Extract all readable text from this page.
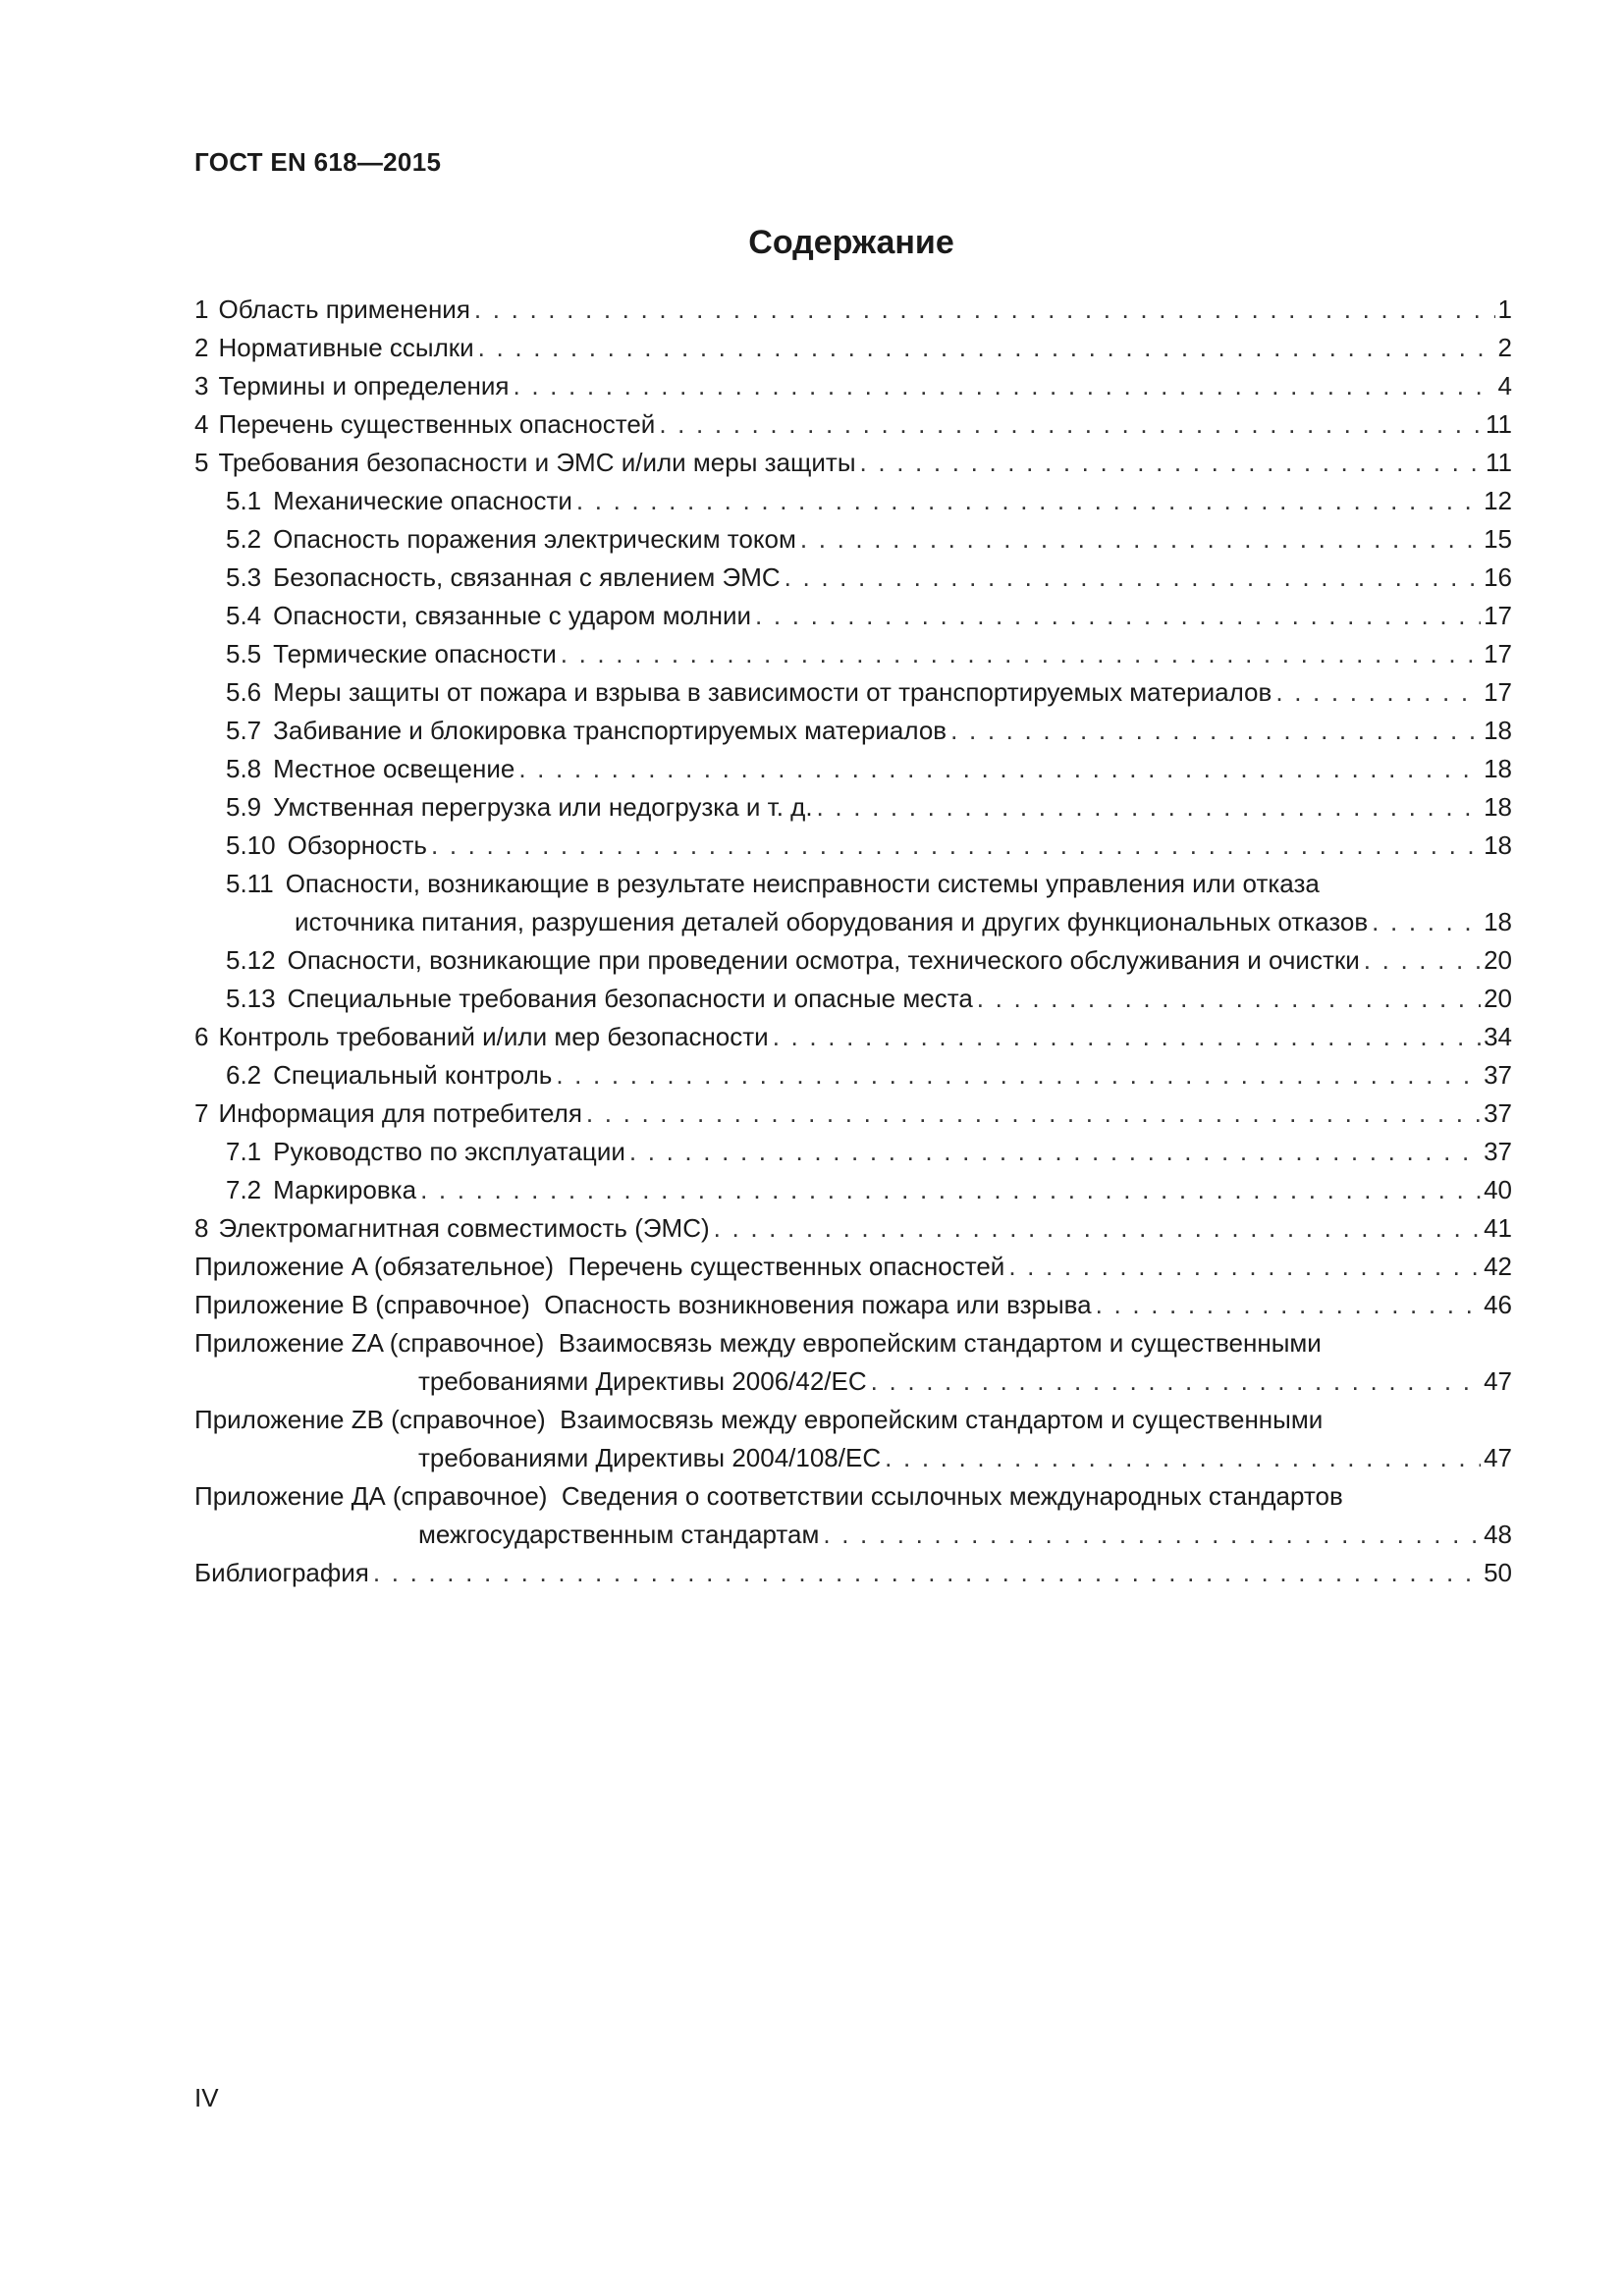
ГОСТ EN 618—2015
Содержание
1 Область применения . . .	1
2 Нормативные ссылки . . .	2
3 Термины и определения . . .	4
4 Перечень существенных опасностей . . .	11
5 Требования безопасности и ЭМС и/или меры защиты . . .	11
5.1 Механические опасности . . .	12
5.2 Опасность поражения электрическим током . . .	15
5.3 Безопасность, связанная с явлением ЭМС . . .	16
5.4 Опасности, связанные с ударом молнии . . .	17
5.5 Термические опасности . . .	17
5.6 Меры защиты от пожара и взрыва в зависимости от транспортируемых материалов . . .	17
5.7 Забивание и блокировка транспортируемых материалов . . .	18
5.8 Местное освещение . . .	18
5.9 Умственная перегрузка или недогрузка и т. д. . . .	18
5.10 Обзорность . . .	18
5.11 Опасности, возникающие в результате неисправности системы управления или отказа
источника питания, разрушения деталей оборудования и других функциональных отказов . . .	18
5.12 Опасности, возникающие при проведении осмотра, технического обслуживания и очистки . . .	20
5.13 Специальные требования безопасности и опасные места . . .	20
6 Контроль требований и/или мер безопасности . . .	34
6.2 Специальный контроль . . .	37
7 Информация для потребителя . . .	37
7.1 Руководство по эксплуатации . . .	37
7.2 Маркировка . . .	40
8 Электромагнитная совместимость (ЭМС) . . .	41
Приложение A (обязательное)  Перечень существенных опасностей . . .	42
Приложение B (справочное)  Опасность возникновения пожара или взрыва . . .	46
Приложение ZA (справочное)  Взаимосвязь между европейским стандартом и существенными
требованиями Директивы 2006/42/EC . . .	47
Приложение ZB (справочное)  Взаимосвязь между европейским стандартом и существенными
требованиями Директивы 2004/108/EC . . .	47
Приложение ДА (справочное)  Сведения о соответствии ссылочных международных стандартов
межгосударственным стандартам . . .	48
Библиография . . .	50
IV
